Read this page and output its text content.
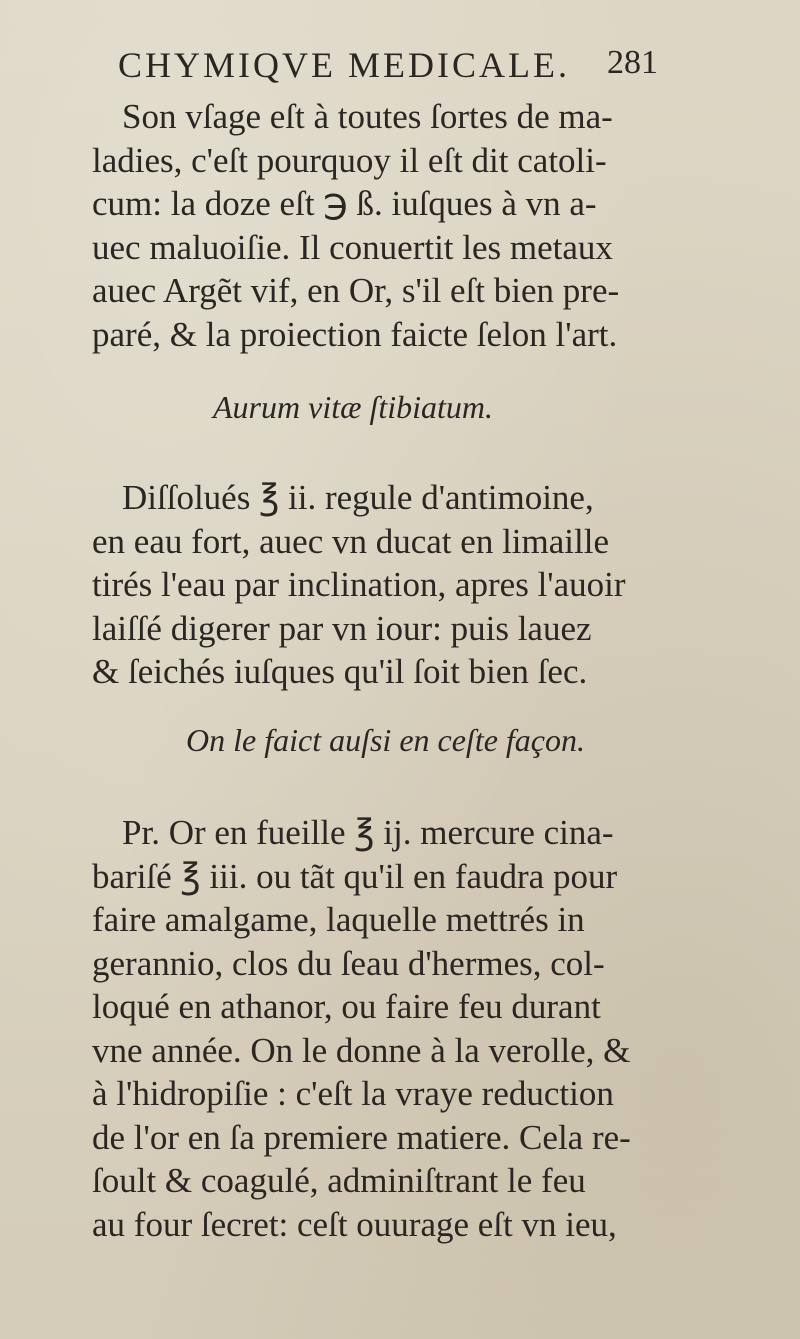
CHYMIQVE MEDICALE. 281
Son vſage eſt à toutes ſortes de ma-
ladies, c'eſt pourquoy il eſt dit catoli-
cum: la doze eſt ℈ ß. iuſques à vn a-
uec maluoiſie. Il conuertit les metaux
auec Argẽt vif, en Or, s'il eſt bien pre-
paré, & la proiection faicte ſelon l'art.
Aurum vitæ ſtibiatum.
Diſſolués ℥ ii. regule d'antimoine,
en eau fort, auec vn ducat en limaille
tirés l'eau par inclination, apres l'auoir
laiſſé digerer par vn iour: puis lauez
& ſeichés iuſques qu'il ſoit bien ſec.
On le faict auſsi en ceſte façon.
Pr. Or en fueille ℥ ij. mercure cina-
bariſé ℥ iii. ou tãt qu'il en faudra pour
faire amalgame, laquelle mettrés in
gerannio, clos du ſeau d'hermes, col-
loqué en athanor, ou faire feu durant
vne année. On le donne à la verolle, &
à l'hidropiſie : c'eſt la vraye reduction
de l'or en ſa premiere matiere. Cela re-
ſoult & coagulé, adminiſtrant le feu
au four ſecret: ceſt ouurage eſt vn ieu,
